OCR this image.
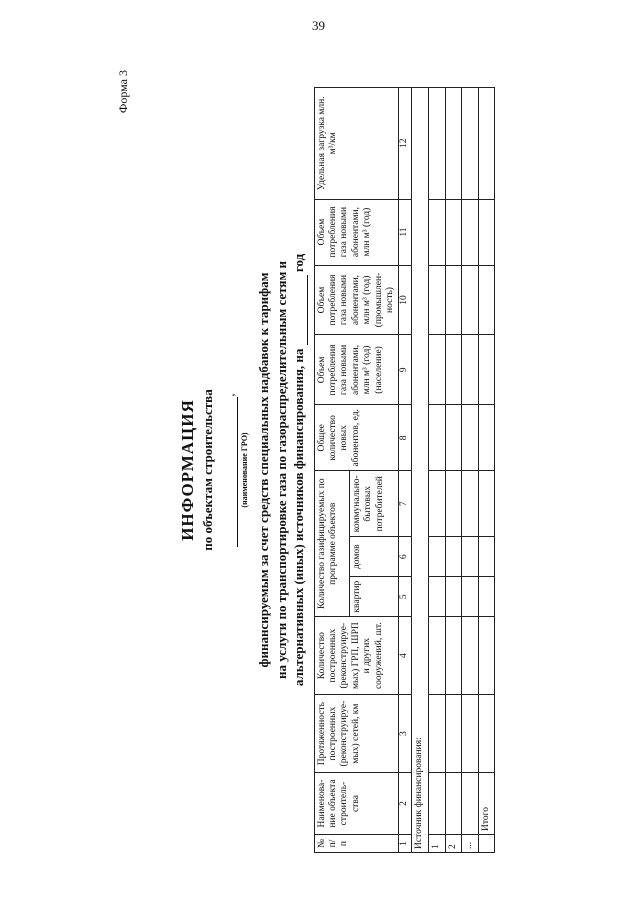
39
Форма 3
ИНФОРМАЦИЯ по объектам строительства ,
(наименование ГРО) финансируемым за счет средств специальных надбавок к тарифам на услуги по транспортировке газа по газораспределительным сетям и альтернативных (иных) источников финансирования, на  год
№ п/п	Наименова-ние объекта строитель-ства	Протяженность построенных (реконструируе-мых) сетей, км	Количество построенных (реконструируе-мых) ГРП, ШРП и других сооружений, шт.	Количество газифицируемых по программе объектов			Общее количество новых абонентов, ед.	Объем потребления газа новыми абонентами, млн м³ (год) (население)	Объем потребления газа новыми абонентами, млн м³ (год) (промышлен-ность)	Объем потребления газа новыми абонентами, млн м³ (год)	Удельная загрузка млн. м³/км
				квартир	домов	коммунально-бытовых потребителей					
1	2	3	4	5	6	7	8	9	10	11	12
Источник финансирования:											
1											
2											
...											
	Итого										
